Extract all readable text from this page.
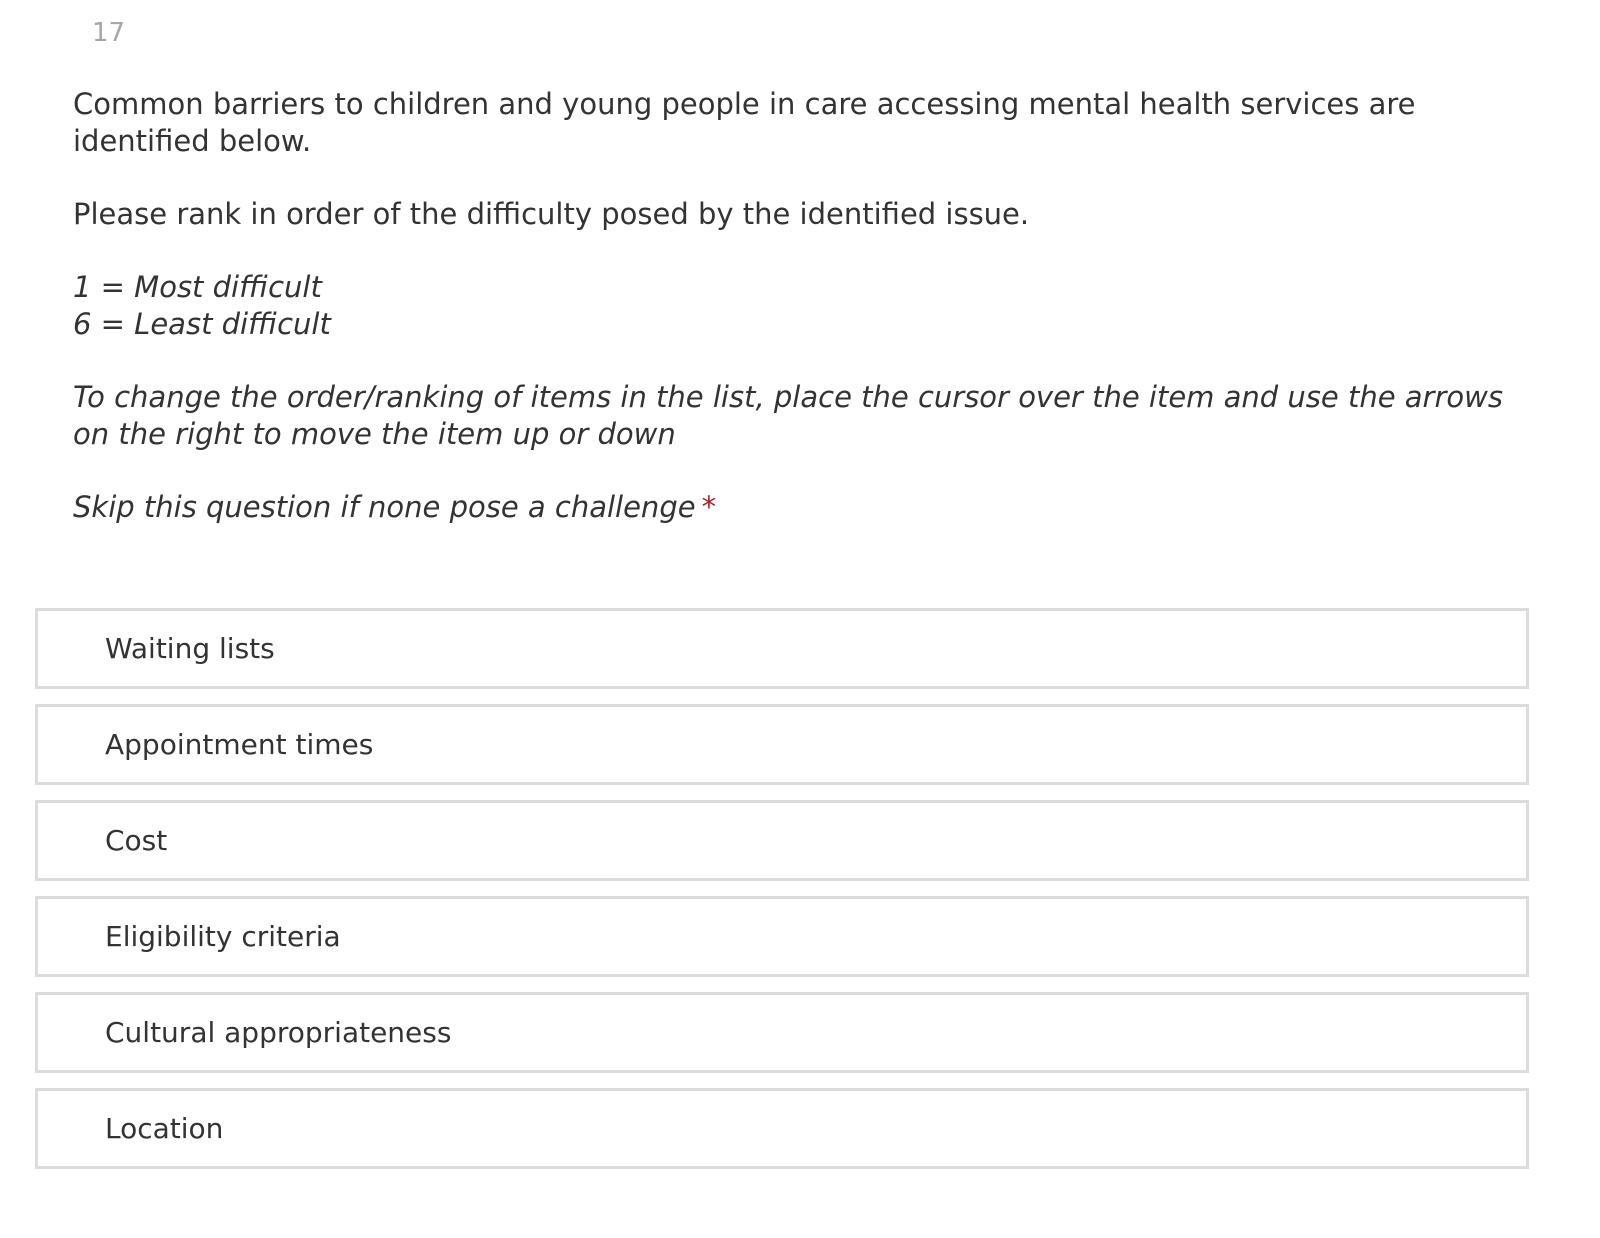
17

Common barriers to children and young people in care accessing mental health services are identified below.

Please rank in order of the difficulty posed by the identified issue.

1 = Most difficult

6 = Least difficult

To change the order/ranking of items in the list, place the cursor over the item and use the arrows on the right to move the item up or down

Skip this question if none pose a challenge *

Waiting lists
Appointment times
Cost
Eligibility criteria
Cultural appropriateness
Location
